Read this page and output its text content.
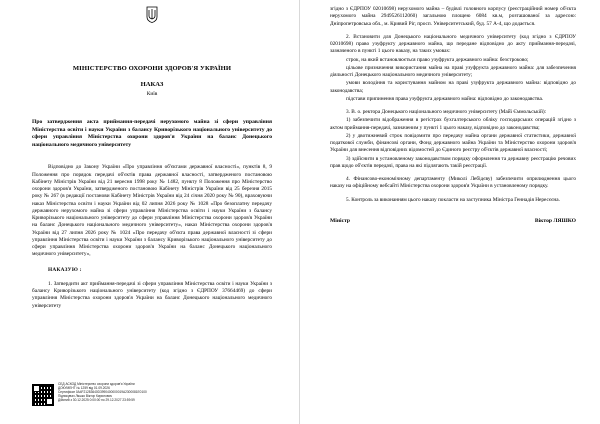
МІНІСТЕРСТВО ОХОРОНИ ЗДОРОВ'Я УКРАЇНИ
НАКАЗ
Київ
Про затвердження акта приймання-передачі нерухомого майна зі сфери управління Міністерства освіти і науки України з балансу Криворізького національного університету до сфери управління Міністерства охорони здоров'я України на баланс Донецького національного медичного університету

Відповідно до Закону України «Про управління об'єктами державної власності», пунктів 8, 9 Положення про порядок передачі об'єктів права державної власності, затвердженого постановою Кабінету Міністрів України від 21 вересня 1998 року № 1482, пункту 8 Положення про Міністерство охорони здоров'я України, затвердженого постановою Кабінету Міністрів України від 25 березня 2015 року № 267 (в редакції постанови Кабінету Міністрів України від 24 січня 2020 року № 90), враховуючи наказ Міністерства освіти і науки України від 02 липня 2026 року № 1028 «Про безоплатну передачу державного нерухомого майна зі сфери управління Міністерства освіти і науки України з балансу Криворізького національного університету до сфери управління Міністерства охорони здоров'я України на баланс Донецького національного медичного університету», наказ Міністерства охорони здоров'я України від 27 липня 2026 року № 1024 «Про передачу об'єкта права державної власності зі сфери управління Міністерства освіти і науки України з балансу Криворізького національного університету до сфери управління Міністерства охорони здоров'я України на баланс Донецького національного медичного університету»,

НАКАЗУЮ :

1. Затвердити акт приймання-передачі зі сфери управління Міністерства освіти і науки України з балансу Криворізького національного університету (код згідно з ЄДРПОУ 37664469) до сфери управління Міністерства охорони здоров'я України на баланс Донецького національного медичного університету

СЕД АСКОД Міністерство охорони здоров'я України
ДОКУМЕНТ № 1259 від 01.09.2026
Сертифікат 0A4F21283640D3990400000019A2300081E0100
Підписувач Ляшко Віктор Кирилович
Дійсний з 30.12.2025 0:00:00 по 29.12.2027 23:59:59

згідно з ЄДРПОУ 02010698) нерухомого майна – будівлі головного корпусу (реєстраційний номер об'єкта нерухомого майна 2949526112060) загальною площею 6084 кв.м, розташованої за адресою: Дніпропетровська обл., м. Кривий Ріг, просп. Університетський, буд. 57 А-4, що додається.

2. Встановити для Донецького національного медичного університету (код згідно з ЄДРПОУ 02010698) право узуфрукту державного майна, що передане відповідно до акту приймання-передачі, зазначеного в пункті 1 цього наказу, на таких умовах:

строк, на який встановлюється право узуфрукта державного майна: безстроково;

цільове призначення використання майна на праві узуфрукта державного майна: для забезпечення діяльності Донецького національного медичного університету;

умови володіння та користування майном на праві узуфрукта державного майна: відповідно до законодавства;

підстави припинення права узуфрукта державного майна: відповідно до законодавства.

3. В. о. ректора Донецького національного медичного університету (Майї Єммольській):

1) забезпечити відображення в регістрах бухгалтерського обліку господарських операцій згідно з актом приймання-передачі, зазначеним у пункті 1 цього наказу, відповідно до законодавства;

2) у двотижневий строк повідомити про передачу майна органи державної статистики, державної податкової служби, фінансові органи, Фонд державного майна України та Міністерство охорони здоров'я України для внесення відповідних відомостей до Єдиного реєстру об'єктів державної власності;

3) здійснити в установленому законодавством порядку оформлення та державну реєстрацію речових прав щодо об'єктів передачі, права на які підлягають такій реєстрації.

4. Фінансово-економічному департаменту (Миколі Лебідєву) забезпечити оприлюднення цього наказу на офіційному вебсайті Міністерства охорони здоров'я України в установленому порядку.

5. Контроль за виконанням цього наказу покласти на заступника Міністра Геннадія Нересєєна.

Міністр	Віктор ЛЯШКО
